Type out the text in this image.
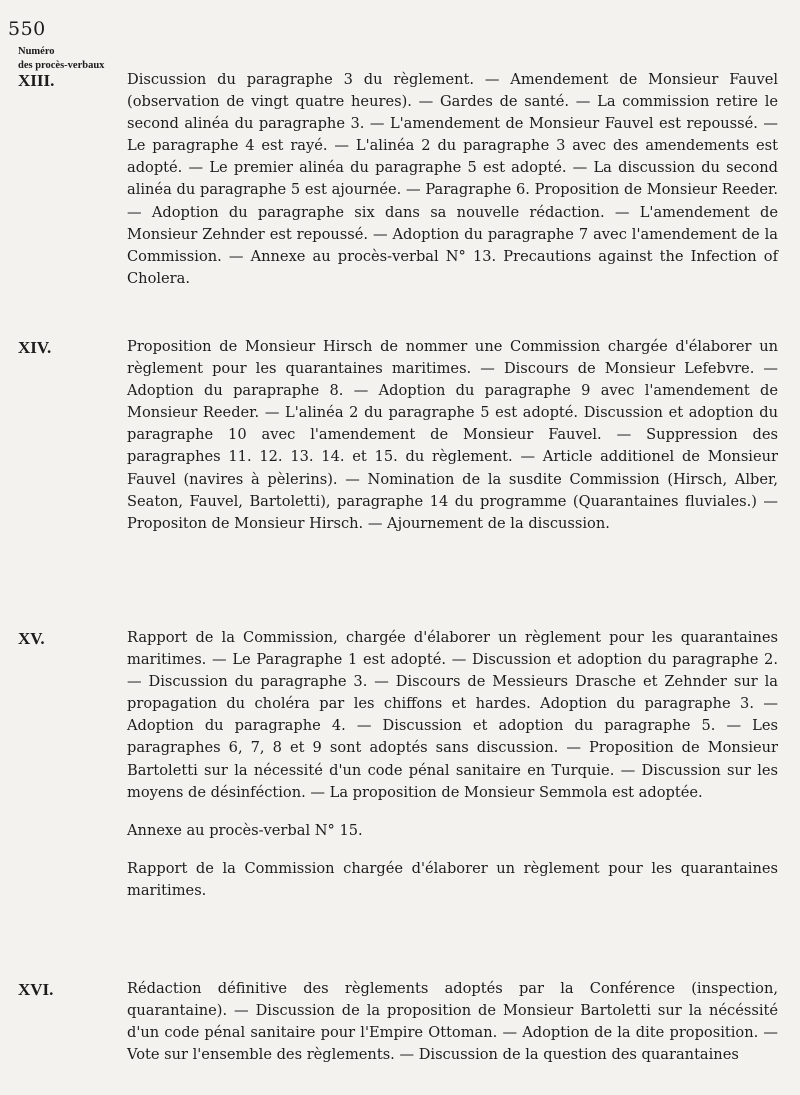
550
Numéro
des procès-verbaux
XIII.	Discussion du paragraphe 3 du règlement. — Amendement de Monsieur Fauvel (observation de vingt quatre heures). — Gardes de santé. — La commission retire le second alinéa du paragraphe 3. — L'amendement de Monsieur Fauvel est repoussé. — Le paragraphe 4 est rayé. — L'alinéa 2 du paragraphe 3 avec des amendements est adopté. — Le premier alinéa du paragraphe 5 est adopté. — La discussion du second alinéa du paragraphe 5 est ajournée. — Paragraphe 6. Proposition de Monsieur Reeder. — Adoption du paragraphe six dans sa nouvelle rédaction. — L'amendement de Monsieur Zehnder est repoussé. — Adoption du paragraphe 7 avec l'amendement de la Commission. — Annexe au procès-verbal N° 13. Precautions against the Infection of Cholera.
XIV.	Proposition de Monsieur Hirsch de nommer une Commission chargée d'élaborer un règlement pour les quarantaines maritimes. — Discours de Monsieur Lefebvre. — Adoption du parapraphe 8. — Adoption du paragraphe 9 avec l'amendement de Monsieur Reeder. — L'alinéa 2 du paragraphe 5 est adopté. Discussion et adoption du paragraphe 10 avec l'amendement de Monsieur Fauvel. — Suppression des paragraphes 11. 12. 13. 14. et 15. du règlement. — Article additionel de Monsieur Fauvel (navires à pèlerins). — Nomination de la susdite Commission (Hirsch, Alber, Seaton, Fauvel, Bartoletti), paragraphe 14 du programme (Quarantaines fluviales.) — Propositon de Monsieur Hirsch. — Ajournement de la discussion.
XV.	Rapport de la Commission, chargée d'élaborer un règlement pour les quarantaines maritimes. — Le Paragraphe 1 est adopté. — Discussion et adoption du paragraphe 2. — Discussion du paragraphe 3. — Discours de Messieurs Drasche et Zehnder sur la propagation du choléra par les chiffons et hardes. Adoption du paragraphe 3. — Adoption du paragraphe 4. — Discussion et adoption du paragraphe 5. — Les paragraphes 6, 7, 8 et 9 sont adoptés sans discussion. — Proposition de Monsieur Bartoletti sur la nécessité d'un code pénal sanitaire en Turquie. — Discussion sur les moyens de désinféction. — La proposition de Monsieur Semmola est adoptée.
Annexe au procès-verbal N° 15.
Rapport de la Commission chargée d'élaborer un règlement pour les quarantaines maritimes.
XVI.	Rédaction définitive des règlements adoptés par la Conférence (inspection, quarantaine). — Discussion de la proposition de Monsieur Bartoletti sur la nécéssité d'un code pénal sanitaire pour l'Empire Ottoman. — Adoption de la dite proposition. — Vote sur l'ensemble des règlements. — Discussion de la question des quarantaines
